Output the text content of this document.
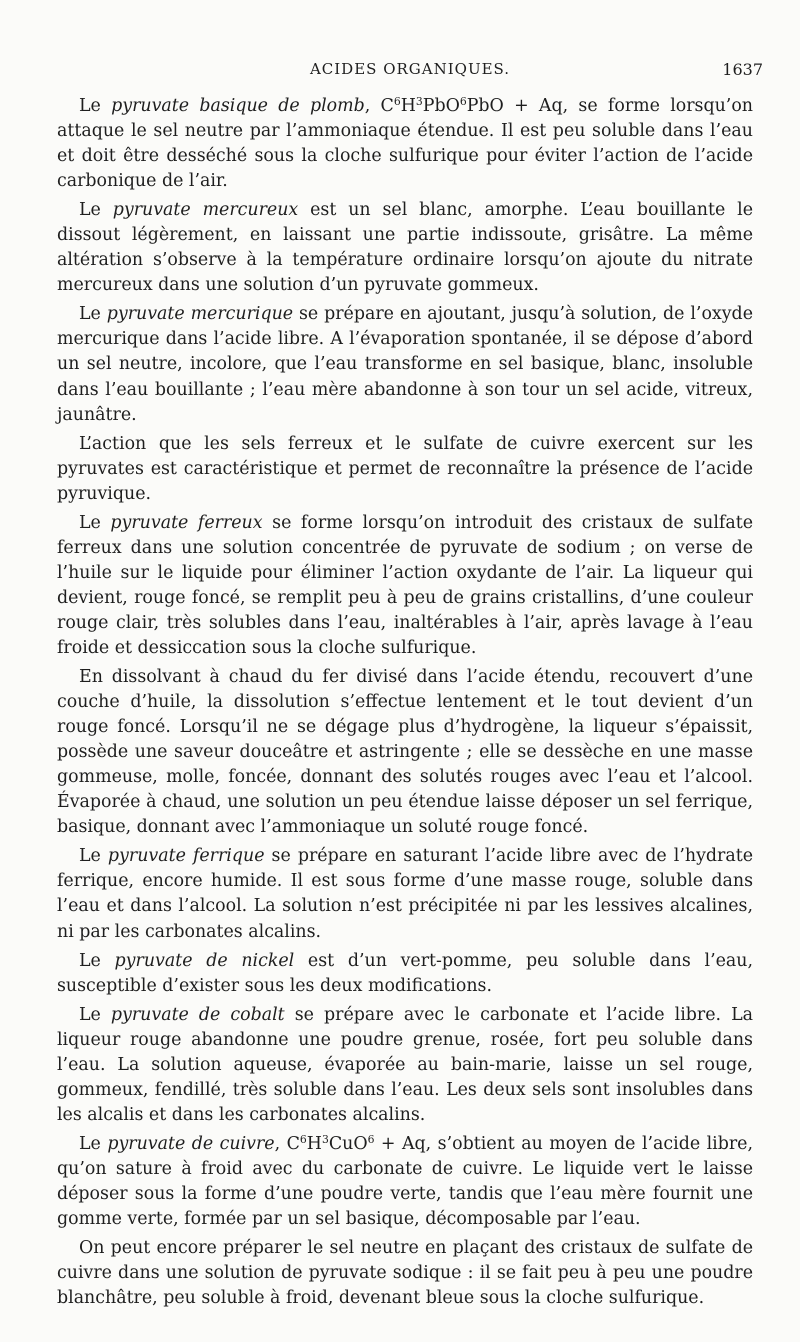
ACIDES ORGANIQUES.	1637

Le pyruvate basique de plomb, $C^6H^3PbO^6PbO + Aq$, se forme lorsqu’on attaque le sel neutre par l’ammoniaque étendue. Il est peu soluble dans l’eau et doit être desséché sous la cloche sulfurique pour éviter l’action de l’acide carbonique de l’air.

Le pyruvate mercureux est un sel blanc, amorphe. L’eau bouillante le dissout légèrement, en laissant une partie indissoute, grisâtre. La même altération s’observe à la température ordinaire lorsqu’on ajoute du nitrate mercureux dans une solution d’un pyruvate gommeux.

Le pyruvate mercurique se prépare en ajoutant, jusqu’à solution, de l’oxyde mercurique dans l’acide libre. A l’évaporation spontanée, il se dépose d’abord un sel neutre, incolore, que l’eau transforme en sel basique, blanc, insoluble dans l’eau bouillante ; l’eau mère abandonne à son tour un sel acide, vitreux, jaunâtre.

L’action que les sels ferreux et le sulfate de cuivre exercent sur les pyruvates est caractéristique et permet de reconnaître la présence de l’acide pyruvique.

Le pyruvate ferreux se forme lorsqu’on introduit des cristaux de sulfate ferreux dans une solution concentrée de pyruvate de sodium ; on verse de l’huile sur le liquide pour éliminer l’action oxydante de l’air. La liqueur qui devient, rouge foncé, se remplit peu à peu de grains cristallins, d’une couleur rouge clair, très solubles dans l’eau, inaltérables à l’air, après lavage à l’eau froide et dessiccation sous la cloche sulfurique.

En dissolvant à chaud du fer divisé dans l’acide étendu, recouvert d’une couche d’huile, la dissolution s’effectue lentement et le tout devient d’un rouge foncé. Lorsqu’il ne se dégage plus d’hydrogène, la liqueur s’épaissit, possède une saveur douceâtre et astringente ; elle se dessèche en une masse gommeuse, molle, foncée, donnant des solutés rouges avec l’eau et l’alcool. Évaporée à chaud, une solution un peu étendue laisse déposer un sel ferrique, basique, donnant avec l’ammoniaque un soluté rouge foncé.

Le pyruvate ferrique se prépare en saturant l’acide libre avec de l’hydrate ferrique, encore humide. Il est sous forme d’une masse rouge, soluble dans l’eau et dans l’alcool. La solution n’est précipitée ni par les lessives alcalines, ni par les carbonates alcalins.

Le pyruvate de nickel est d’un vert-pomme, peu soluble dans l’eau, susceptible d’exister sous les deux modifications.

Le pyruvate de cobalt se prépare avec le carbonate et l’acide libre. La liqueur rouge abandonne une poudre grenue, rosée, fort peu soluble dans l’eau. La solution aqueuse, évaporée au bain-marie, laisse un sel rouge, gommeux, fendillé, très soluble dans l’eau. Les deux sels sont insolubles dans les alcalis et dans les carbonates alcalins.

Le pyruvate de cuivre, $C^6H^3CuO^6 + Aq$, s’obtient au moyen de l’acide libre, qu’on sature à froid avec du carbonate de cuivre. Le liquide vert le laisse déposer sous la forme d’une poudre verte, tandis que l’eau mère fournit une gomme verte, formée par un sel basique, décomposable par l’eau.

On peut encore préparer le sel neutre en plaçant des cristaux de sulfate de cuivre dans une solution de pyruvate sodique : il se fait peu à peu une poudre blanchâtre, peu soluble à froid, devenant bleue sous la cloche sulfurique.
